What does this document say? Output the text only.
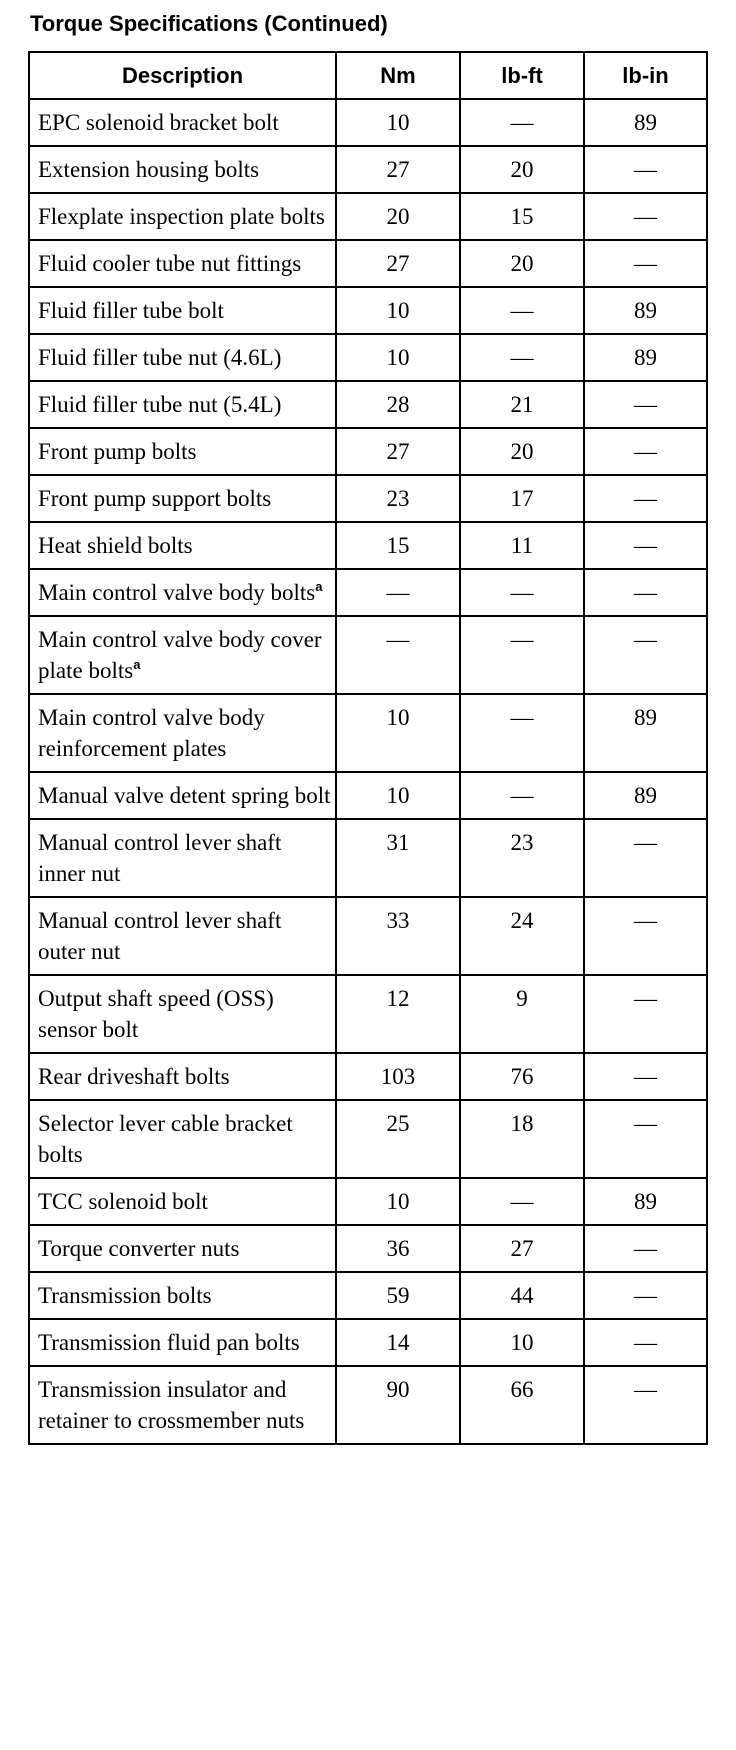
Torque Specifications (Continued)
Description	Nm	lb-ft	lb-in
EPC solenoid bracket bolt	10	—	89
Extension housing bolts	27	20	—
Flexplate inspection plate bolts	20	15	—
Fluid cooler tube nut fittings	27	20	—
Fluid filler tube bolt	10	—	89
Fluid filler tube nut (4.6L)	10	—	89
Fluid filler tube nut (5.4L)	28	21	—
Front pump bolts	27	20	—
Front pump support bolts	23	17	—
Heat shield bolts	15	11	—
Main control valve body bolts$^a$	—	—	—
Main control valve body cover plate bolts$^a$	—	—	—
Main control valve body reinforcement plates	10	—	89
Manual valve detent spring bolt	10	—	89
Manual control lever shaft inner nut	31	23	—
Manual control lever shaft outer nut	33	24	—
Output shaft speed (OSS) sensor bolt	12	9	—
Rear driveshaft bolts	103	76	—
Selector lever cable bracket bolts	25	18	—
TCC solenoid bolt	10	—	89
Torque converter nuts	36	27	—
Transmission bolts	59	44	—
Transmission fluid pan bolts	14	10	—
Transmission insulator and retainer to crossmember nuts	90	66	—
